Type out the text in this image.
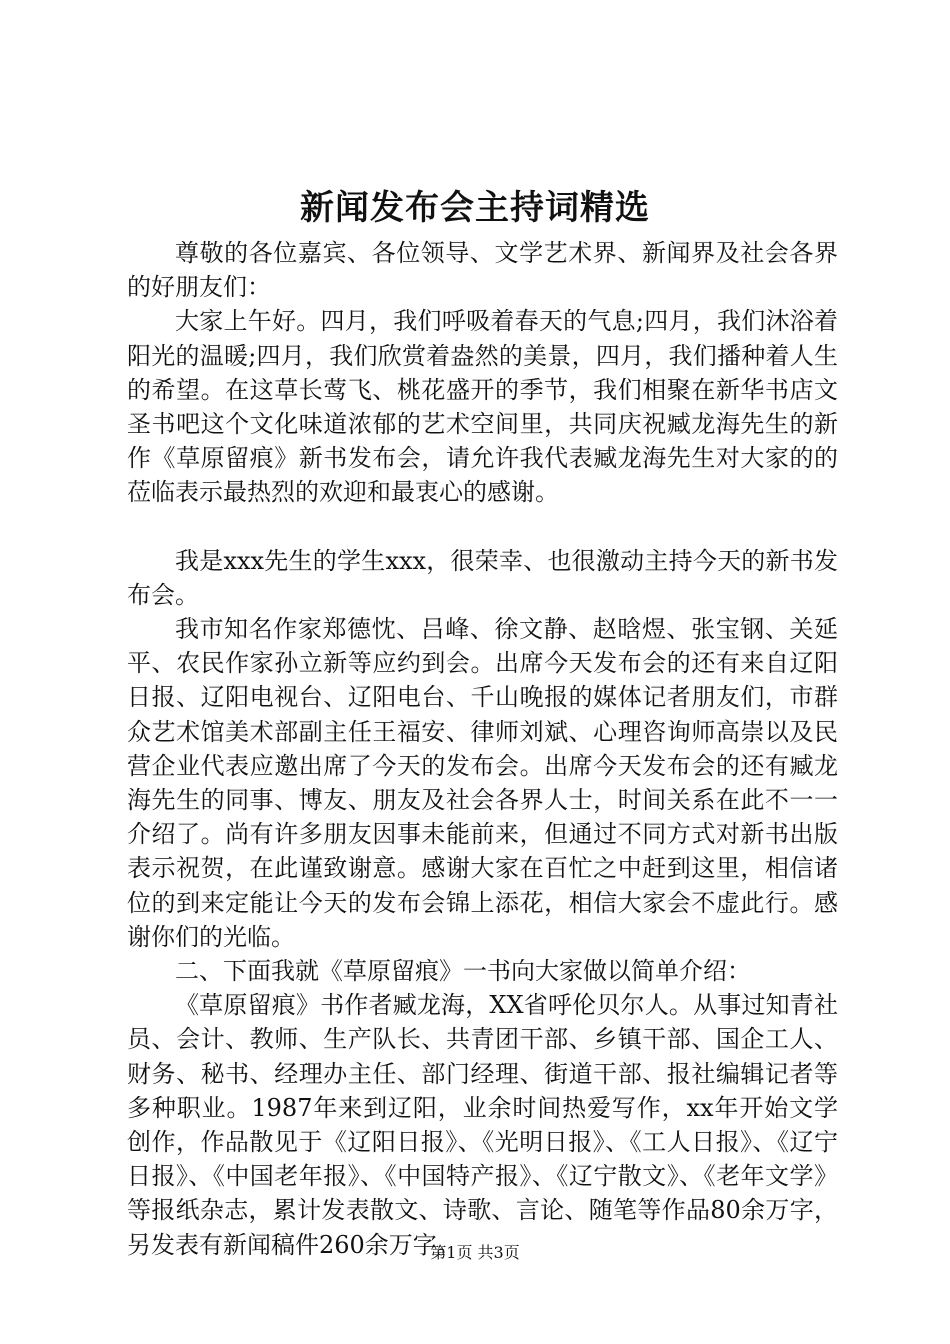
新闻发布会主持词精选

尊敬的各位嘉宾、各位领导、文学艺术界、新闻界及社会各界的好朋友们：

大家上午好。四月，我们呼吸着春天的气息;四月，我们沐浴着阳光的温暖;四月，我们欣赏着盎然的美景，四月，我们播种着人生的希望。在这草长莺飞、桃花盛开的季节，我们相聚在新华书店文圣书吧这个文化味道浓郁的艺术空间里，共同庆祝臧龙海先生的新作《草原留痕》新书发布会，请允许我代表臧龙海先生对大家的的莅临表示最热烈的欢迎和最衷心的感谢。

我是xxx先生的学生xxx，很荣幸、也很激动主持今天的新书发布会。

我市知名作家郑德忱、吕峰、徐文静、赵晗煜、张宝钢、关延平、农民作家孙立新等应约到会。出席今天发布会的还有来自辽阳日报、辽阳电视台、辽阳电台、千山晚报的媒体记者朋友们，市群众艺术馆美术部副主任王福安、律师刘斌、心理咨询师高崇以及民营企业代表应邀出席了今天的发布会。出席今天发布会的还有臧龙海先生的同事、博友、朋友及社会各界人士，时间关系在此不一一介绍了。尚有许多朋友因事未能前来，但通过不同方式对新书出版表示祝贺，在此谨致谢意。感谢大家在百忙之中赶到这里，相信诸位的到来定能让今天的发布会锦上添花，相信大家会不虚此行。感谢你们的光临。

二、下面我就《草原留痕》一书向大家做以简单介绍：

《草原留痕》书作者臧龙海，XX省呼伦贝尔人。从事过知青社员、会计、教师、生产队长、共青团干部、乡镇干部、国企工人、财务、秘书、经理办主任、部门经理、街道干部、报社编辑记者等多种职业。1987年来到辽阳，业余时间热爱写作，xx年开始文学创作，作品散见于《辽阳日报》、《光明日报》、《工人日报》、《辽宁日报》、《中国老年报》、《中国特产报》、《辽宁散文》、《老年文学》等报纸杂志，累计发表散文、诗歌、言论、随笔等作品80余万字，另发表有新闻稿件260余万字。

第1页 共3页
